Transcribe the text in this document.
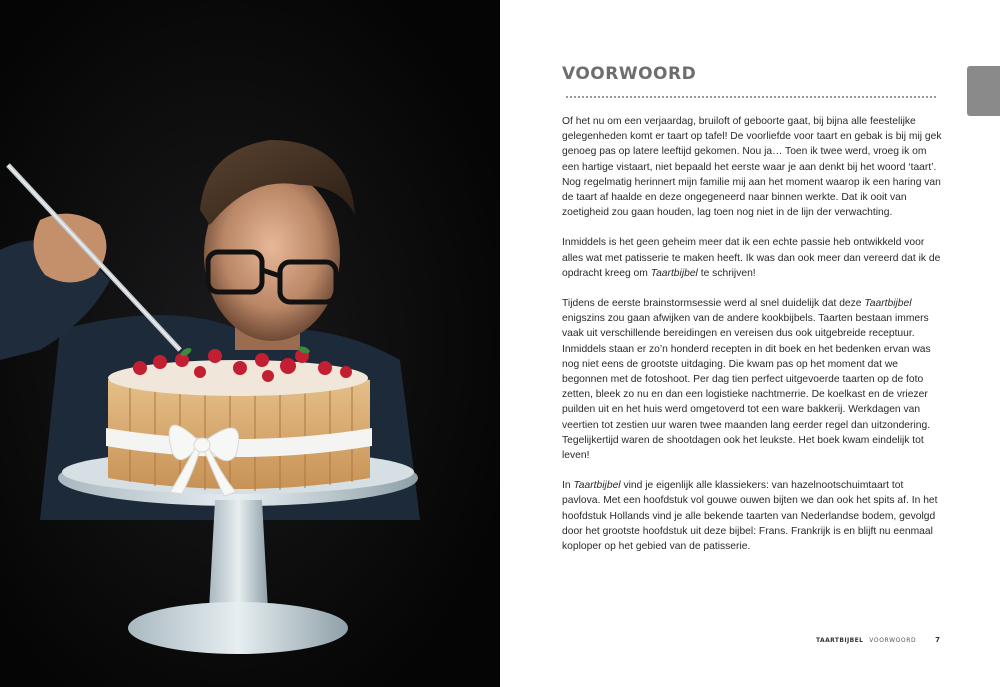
VOORWOORD

Of het nu om een verjaardag, bruiloft of geboorte gaat, bij bijna alle feestelijke gelegenheden komt er taart op tafel! De voorliefde voor taart en gebak is bij mij gek genoeg pas op latere leeftijd gekomen. Nou ja… Toen ik twee werd, vroeg ik om een hartige vistaart, niet bepaald het eerste waar je aan denkt bij het woord ‘taart’. Nog regelmatig herinnert mijn familie mij aan het moment waarop ik een haring van de taart af haalde en deze ongegeneerd naar binnen werkte. Dat ik ooit van zoetigheid zou gaan houden, lag toen nog niet in de lijn der verwachting.

Inmiddels is het geen geheim meer dat ik een echte passie heb ontwikkeld voor alles wat met patisserie te maken heeft. Ik was dan ook meer dan vereerd dat ik de opdracht kreeg om Taartbijbel te schrijven!

Tijdens de eerste brainstormsessie werd al snel duidelijk dat deze Taartbijbel enigszins zou gaan afwijken van de andere kookbijbels. Taarten bestaan immers vaak uit verschillende bereidingen en vereisen dus ook uitgebreide receptuur. Inmiddels staan er zo’n honderd recepten in dit boek en het bedenken ervan was nog niet eens de grootste uitdaging. Die kwam pas op het moment dat we begonnen met de fotoshoot. Per dag tien perfect uitgevoerde taarten op de foto zetten, bleek zo nu en dan een logistieke nachtmerrie. De koelkast en de vriezer puilden uit en het huis werd omgetoverd tot een ware bakkerij. Werkdagen van veertien tot zestien uur waren twee maanden lang eerder regel dan uitzondering. Tegelijkertijd waren de shootdagen ook het leukste. Het boek kwam eindelijk tot leven!

In Taartbijbel vind je eigenlijk alle klassiekers: van hazelnootschuimtaart tot pavlova. Met een hoofdstuk vol gouwe ouwen bijten we dan ook het spits af. In het hoofdstuk Hollands vind je alle bekende taarten van Nederlandse bodem, gevolgd door het grootste hoofdstuk uit deze bijbel: Frans. Frankrijk is en blijft nu eenmaal koploper op het gebied van de patisserie.

TAARTBIJBEL VOORWOORD	7
